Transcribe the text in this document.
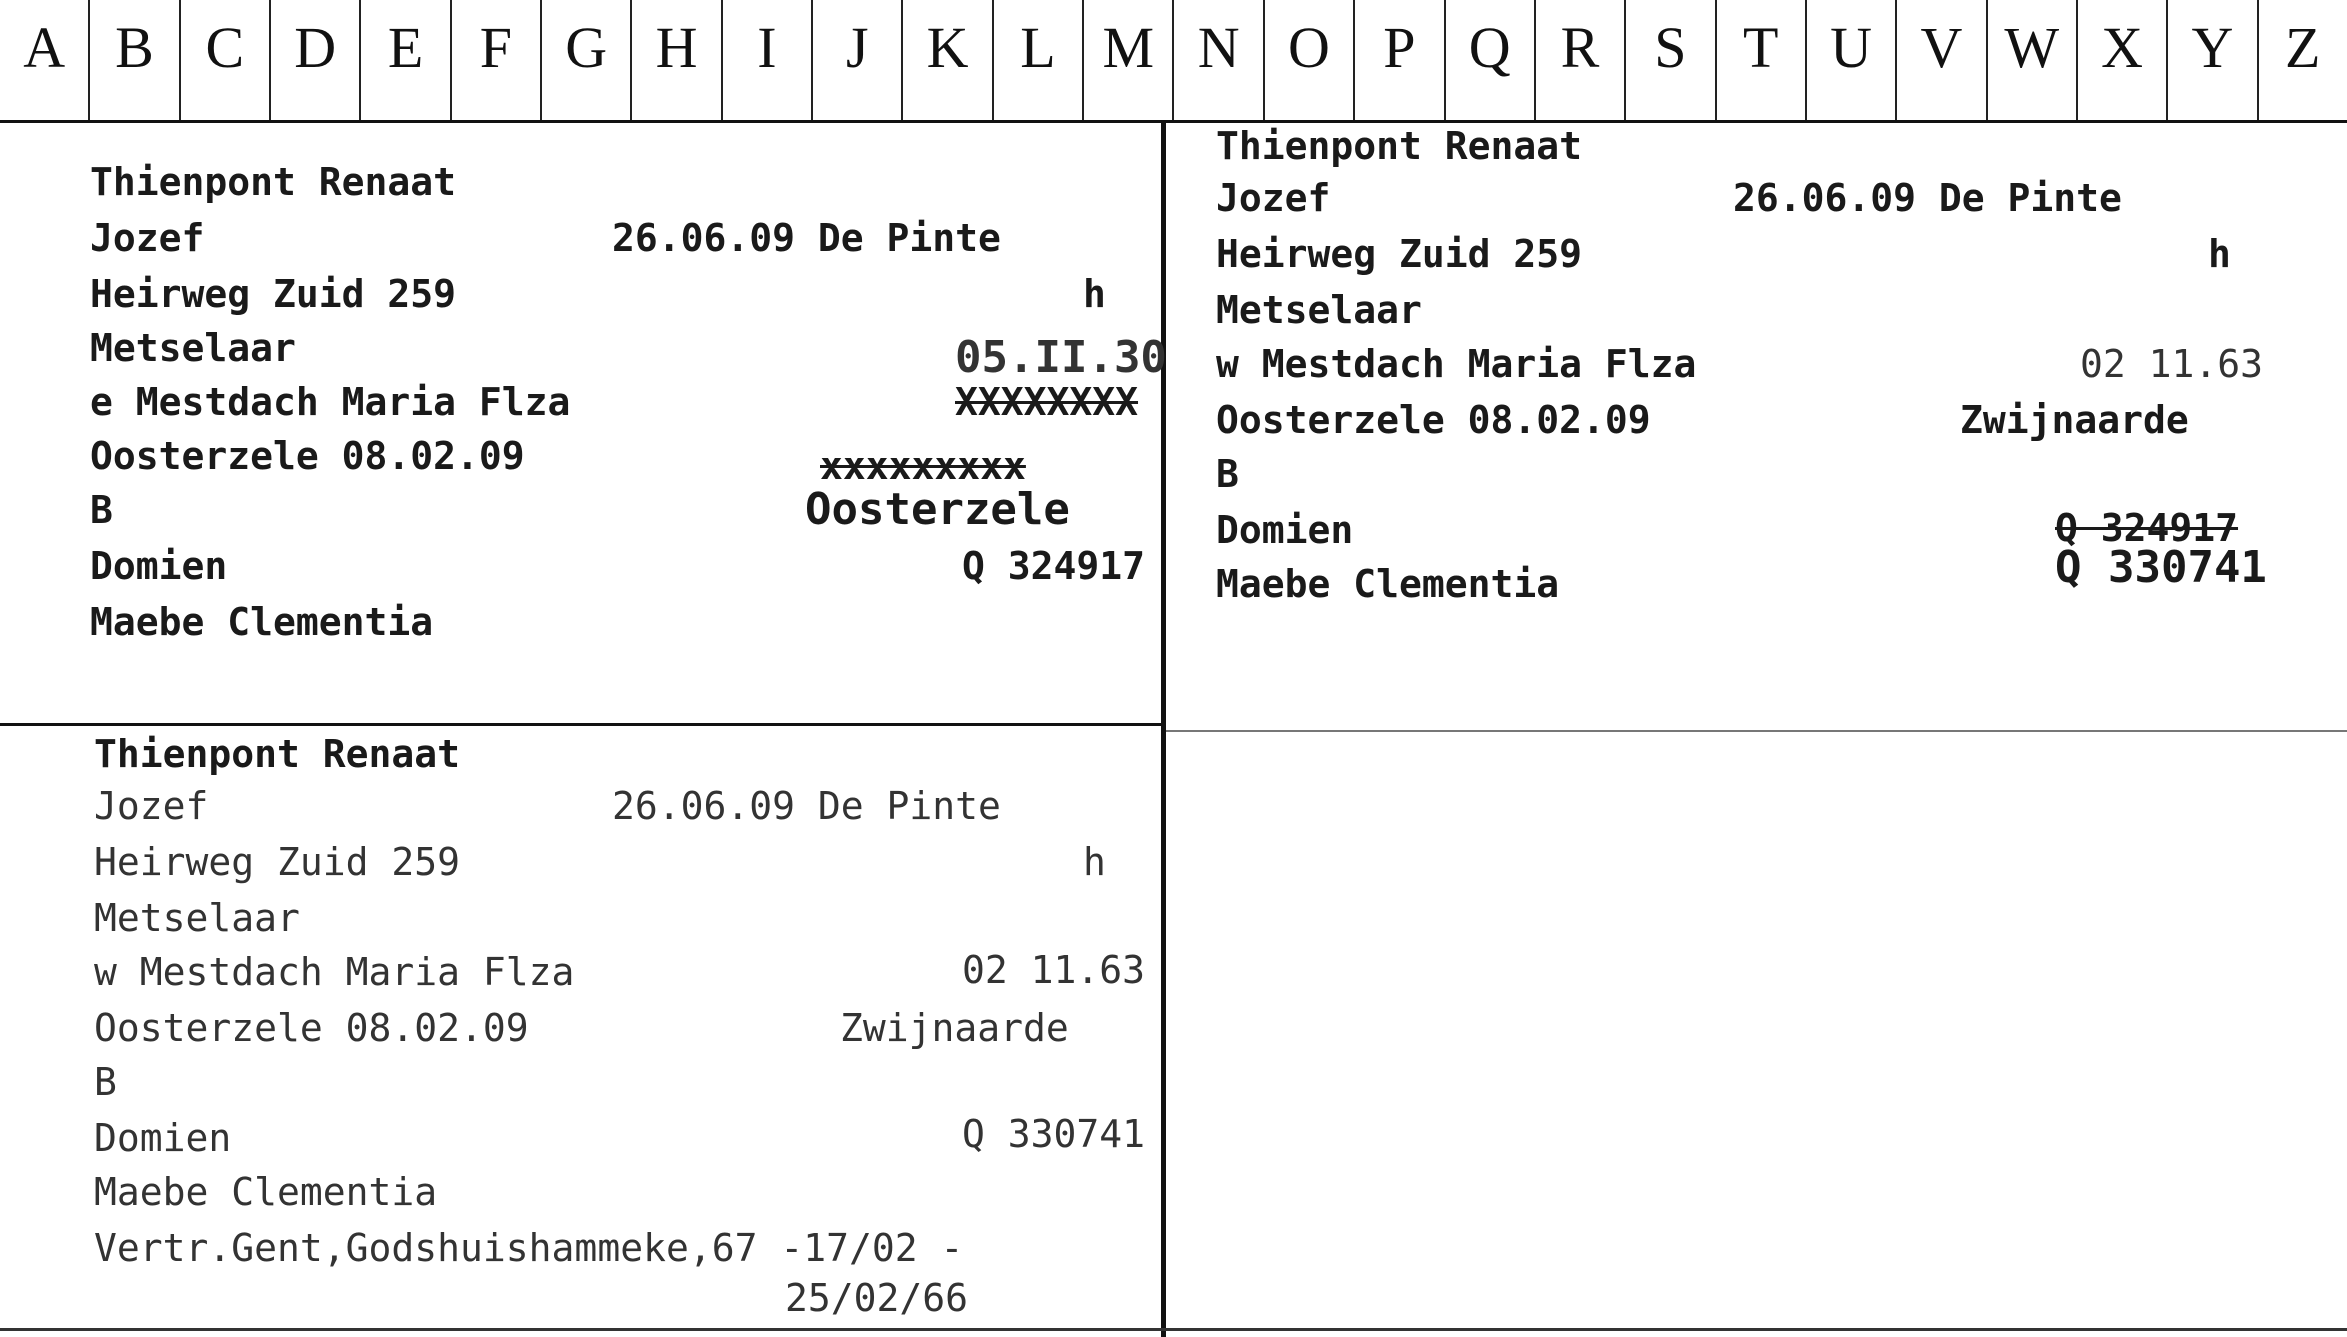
A B C D E F G H	I	J	K L M N O P Q R S T U V W X Y Z
Thienpont Renaat
Jozef	26.06.09 De Pinte
Heirweg Zuid 259	h
Metselaar	05.II.30
e Mestdach Maria Flza	XXXXXXXX
Oosterzele 08.02.09	xxxxxxxxx
B	Oosterzele
Domien	Q 324917
Maebe Clementia
Thienpont Renaat
Jozef	26.06.09 De Pinte
Heirweg Zuid 259	h
Metselaar
w Mestdach Maria Flza	02 11.63
Oosterzele 08.02.09	Zwijnaarde
B
Domien	Q 324917
Maebe Clementia	Q 330741
Thienpont Renaat
Jozef	26.06.09 De Pinte
Heirweg Zuid 259	h
Metselaar
w Mestdach Maria Flza	02 11.63
Oosterzele 08.02.09	Zwijnaarde
B
Domien	Q 330741
Maebe Clementia
Vertr.Gent,Godshuishammeke,67 -17/02 -
25/02/66
